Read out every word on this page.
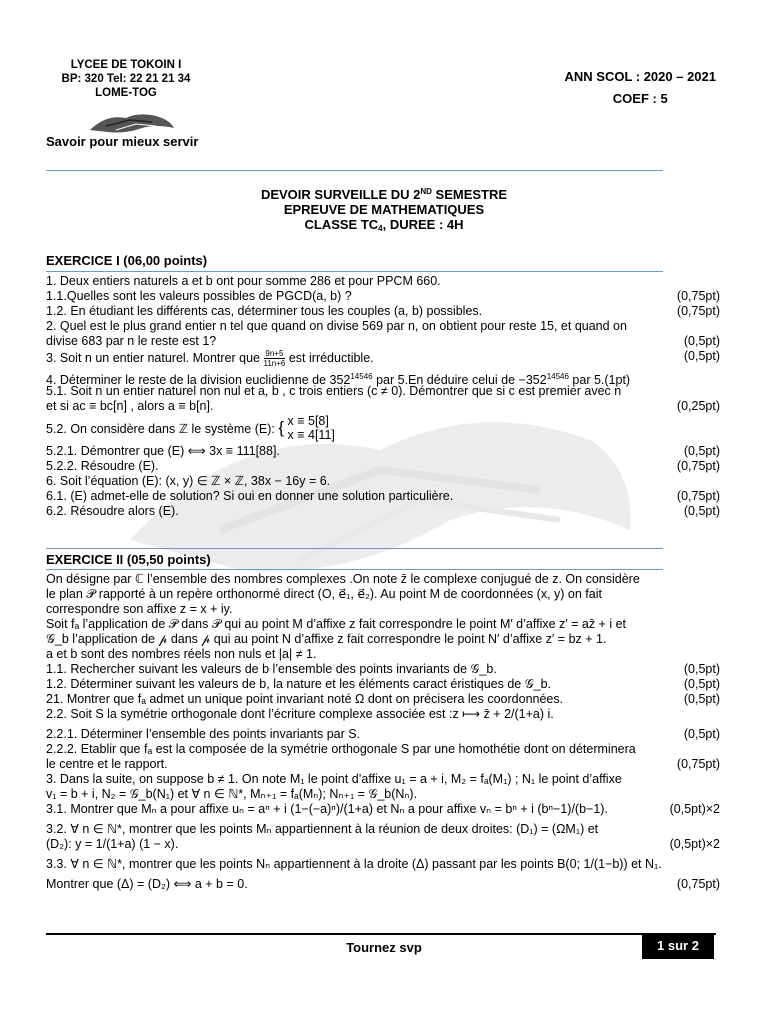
LYCEE DE TOKOIN I
BP: 320 Tel: 22 21 21 34
LOME-TOG
Savoir pour mieux servir
ANN SCOL : 2020 – 2021
COEF : 5
DEVOIR SURVEILLE DU 2ND SEMESTRE
EPREUVE DE MATHEMATIQUES
CLASSE $TC_4$, DUREE : 4H
EXERCICE I (06,00 points)
1. Deux entiers naturels a et b ont pour somme 286 et pour PPCM 660.
1.1.Quelles sont les valeurs possibles de PGCD(a, b) ?	(0,75pt)
1.2. En étudiant les différents cas, déterminer tous les couples (a, b) possibles.	(0,75pt)
2. Quel est le plus grand entier n tel que quand on divise 569 par n, on obtient pour reste 15, et quand on
divise 683 par n le reste est 1?	(0,5pt)
3. Soit n un entier naturel. Montrer que $\frac{9n+5}{11n+6}$ est irréductible.	(0,5pt)
4. Déterminer le reste de la division euclidienne de $352^{14546}$ par 5.En déduire celui de $-352^{14546}$ par 5.(1pt)
5.1. Soit n un entier naturel non nul et a, b , c trois entiers (c ≠ 0). Démontrer que si c est premier avec n
et si ac ≡ bc[n] , alors a ≡ b[n].	(0,25pt)
5.2. On considère dans ℤ le système (E): { x ≡ 5[8]
x ≡ 4[11]
5.2.1. Démontrer que (E) ⟺ 3x ≡ 111[88].	(0,5pt)
5.2.2. Résoudre (E).	(0,75pt)
6. Soit l’équation (E): (x, y) ∈ ℤ × ℤ, 38x − 16y = 6.
6.1. (E) admet-elle de solution? Si oui en donner une solution particulière.	(0,75pt)
6.2. Résoudre alors (E).	(0,5pt)
EXERCICE II (05,50 points)
On désigne par ℂ l’ensemble des nombres complexes .On note z̄ le complexe conjugué de z. On considère
le plan 𝒫 rapporté à un repère orthonormé direct (O, e⃗₁, e⃗₂). Au point M de coordonnées (x, y) on fait
correspondre son affixe z = x + iy.
Soit fₐ l’application de 𝒫 dans 𝒫 qui au point M d’affixe z fait correspondre le point M′ d’affixe z′ = az̄ + i et
𝒢_b l’application de 𝓅 dans 𝓅 qui au point N d’affixe z fait correspondre le point N′ d’affixe z′ = bz + 1.
a et b sont des nombres réels non nuls et |a| ≠ 1.
1.1. Rechercher suivant les valeurs de b l’ensemble des points invariants de 𝒢_b.	(0,5pt)
1.2. Déterminer suivant les valeurs de b, la nature et les éléments caract éristiques de 𝒢_b.	(0,5pt)
21. Montrer que fₐ admet un unique point invariant noté Ω dont on précisera les coordonnées.	(0,5pt)
2.2. Soit S la symétrie orthogonale dont l’écriture complexe associée est :z ⟼ z̄ + 2/(1+a) i.
2.2.1. Déterminer l’ensemble des points invariants par S.	(0,5pt)
2.2.2. Etablir que fₐ est la composée de la symétrie orthogonale S par une homothétie dont on déterminera
le centre et le rapport.	(0,75pt)
3. Dans la suite, on suppose b ≠ 1. On note M₁ le point d’affixe u₁ = a + i, M₂ = fₐ(M₁) ; N₁ le point d’affixe
v₁ = b + i, N₂ = 𝒢_b(N₁) et ∀ n ∈ ℕ*, Mₙ₊₁ = fₐ(Mₙ); Nₙ₊₁ = 𝒢_b(Nₙ).
3.1. Montrer que Mₙ a pour affixe uₙ = aⁿ + i (1−(−a)ⁿ)/(1+a) et Nₙ a pour affixe vₙ = bⁿ + i (bⁿ−1)/(b−1).	(0,5pt)×2
3.2. ∀ n ∈ ℕ*, montrer que les points Mₙ appartiennent à la réunion de deux droites: (D₁) = (ΩM₁) et
(D₂): y = 1/(1+a) (1 − x).	(0,5pt)×2
3.3. ∀ n ∈ ℕ*, montrer que les points Nₙ appartiennent à la droite (Δ) passant par les points B(0; 1/(1−b)) et N₁.
Montrer que (Δ) = (D₂) ⟺ a + b = 0.	(0,75pt)
Tournez svp	1 sur 2
